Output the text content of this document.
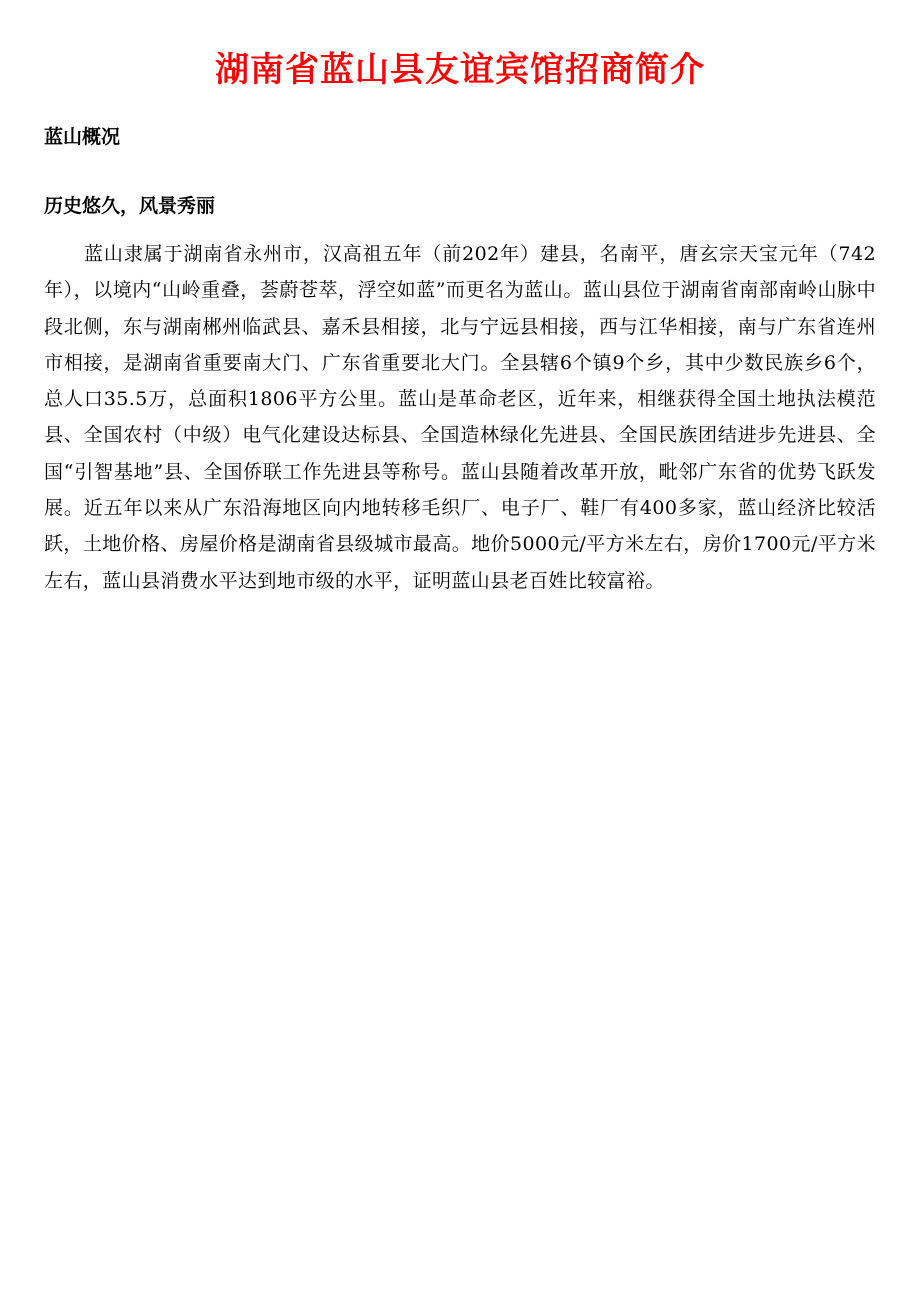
湖南省蓝山县友谊宾馆招商简介
蓝山概况
历史悠久，风景秀丽

蓝山隶属于湖南省永州市，汉高祖五年（前202年）建县，名南平，唐玄宗天宝元年（742年），以境内“山岭重叠，荟蔚苍萃，浮空如蓝”而更名为蓝山。蓝山县位于湖南省南部南岭山脉中段北侧，东与湖南郴州临武县、嘉禾县相接，北与宁远县相接，西与江华相接，南与广东省连州市相接，是湖南省重要南大门、广东省重要北大门。全县辖6个镇9个乡，其中少数民族乡6个，总人口35.5万，总面积1806平方公里。蓝山是革命老区，近年来，相继获得全国土地执法模范县、全国农村（中级）电气化建设达标县、全国造林绿化先进县、全国民族团结进步先进县、全国“引智基地”县、全国侨联工作先进县等称号。蓝山县随着改革开放，毗邻广东省的优势飞跃发展。近五年以来从广东沿海地区向内地转移毛织厂、电子厂、鞋厂有400多家，蓝山经济比较活跃，土地价格、房屋价格是湖南省县级城市最高。地价5000元/平方米左右，房价1700元/平方米左右，蓝山县消费水平达到地市级的水平，证明蓝山县老百姓比较富裕。
